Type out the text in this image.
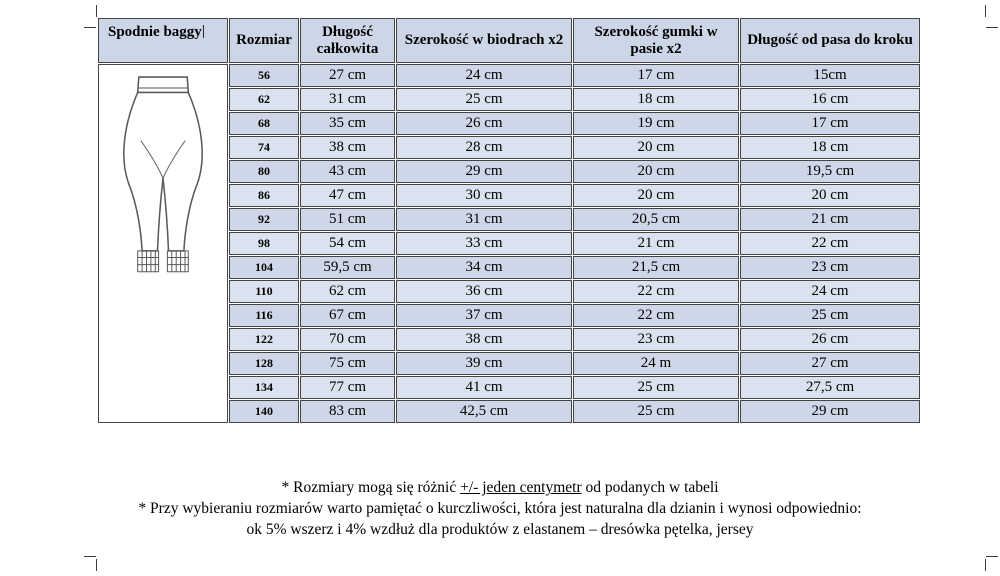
Spodnie baggy	Rozmiar	Długość całkowita	Szerokość w biodrach x2	Szerokość gumki w pasie x2	Długość od pasa do kroku
	56	27 cm	24 cm	17 cm	15cm
	62	31 cm	25 cm	18 cm	16 cm
	68	35 cm	26 cm	19 cm	17 cm
	74	38 cm	28 cm	20 cm	18 cm
	80	43 cm	29 cm	20 cm	19,5 cm
	86	47 cm	30 cm	20 cm	20 cm
	92	51 cm	31 cm	20,5 cm	21 cm
	98	54 cm	33 cm	21 cm	22 cm
	104	59,5 cm	34 cm	21,5 cm	23 cm
	110	62 cm	36 cm	22 cm	24 cm
	116	67 cm	37 cm	22 cm	25 cm
	122	70 cm	38 cm	23 cm	26 cm
	128	75 cm	39 cm	24 m	27 cm
	134	77 cm	41 cm	25 cm	27,5 cm
	140	83 cm	42,5 cm	25 cm	29 cm

* Rozmiary mogą się różnić +/- jeden centymetr od podanych w tabeli

* Przy wybieraniu rozmiarów warto pamiętać o kurczliwości, która jest naturalna dla dzianin i wynosi odpowiednio:

ok 5% wszerz i 4% wzdłuż dla produktów z elastanem – dresówka pętelka, jersey
